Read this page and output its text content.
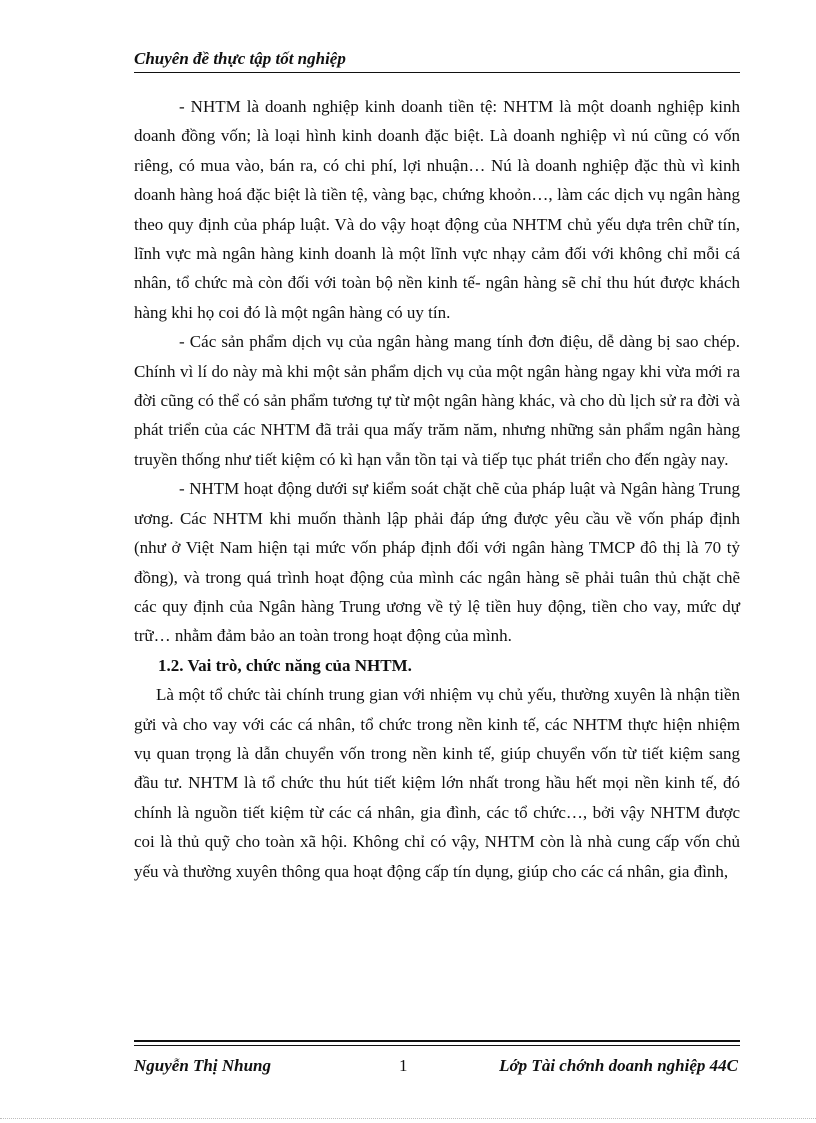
Chuyên đề thực tập tốt nghiệp

- NHTM là doanh nghiệp kinh doanh tiền tệ: NHTM là một doanh nghiệp kinh doanh đồng vốn; là loại hình kinh doanh đặc biệt. Là doanh nghiệp vì nú cũng có vốn riêng, có mua vào, bán ra, có chi phí, lợi nhuận… Nú là doanh nghiệp đặc thù vì kinh doanh hàng hoá đặc biệt là tiền tệ, vàng bạc, chứng khoỏn…, làm các dịch vụ ngân hàng theo quy định của pháp luật. Và do vậy hoạt động của NHTM chủ yếu dựa trên chữ tín, lĩnh vực mà ngân hàng kinh doanh là một lĩnh vực nhạy cảm đối với không chỉ mỗi cá nhân, tổ chức mà còn đối với toàn bộ nền kinh tế- ngân hàng sẽ chỉ thu hút được khách hàng khi họ coi đó là một ngân hàng có uy tín.

- Các sản phẩm dịch vụ của ngân hàng mang tính đơn điệu, dễ dàng bị sao chép. Chính vì lí do này mà khi một sản phẩm dịch vụ của một ngân hàng ngay khi vừa mới ra đời cũng có thể có sản phẩm tương tự từ một ngân hàng khác, và cho dù lịch sử ra đời và phát triển của các NHTM đã trải qua mấy trăm năm, nhưng những sản phẩm ngân hàng truyền thống như tiết kiệm có kì hạn vẫn tồn tại và tiếp tục phát triển cho đến ngày nay.

- NHTM hoạt động dưới sự kiểm soát chặt chẽ của pháp luật và Ngân hàng Trung ương. Các NHTM khi muốn thành lập phải đáp ứng được yêu cầu về vốn pháp định (như ở Việt Nam hiện tại mức vốn pháp định đối với ngân hàng TMCP đô thị là 70 tỷ đồng), và trong quá trình hoạt động của mình các ngân hàng sẽ phải tuân thủ chặt chẽ các quy định của Ngân hàng Trung ương về tỷ lệ tiền huy động, tiền cho vay, mức dự trữ… nhằm đảm bảo an toàn trong hoạt động của mình.

1.2. Vai trò, chức năng của NHTM.

Là một tổ chức tài chính trung gian với nhiệm vụ chủ yếu, thường xuyên là nhận tiền gửi và cho vay với các cá nhân, tổ chức trong nền kinh tế, các NHTM thực hiện nhiệm vụ quan trọng là dẫn chuyển vốn trong nền kinh tế, giúp chuyển vốn từ tiết kiệm sang đầu tư. NHTM là tổ chức thu hút tiết kiệm lớn nhất trong hầu hết mọi nền kinh tế, đó chính là nguồn tiết kiệm từ các cá nhân, gia đình, các tổ chức…, bởi vậy NHTM được coi là thủ quỹ cho toàn xã hội. Không chỉ có vậy, NHTM còn là nhà cung cấp vốn chủ yếu và thường xuyên thông qua hoạt động cấp tín dụng, giúp cho các cá nhân, gia đình,

Nguyễn Thị Nhung	1	Lớp Tài chớnh doanh nghiệp 44C
